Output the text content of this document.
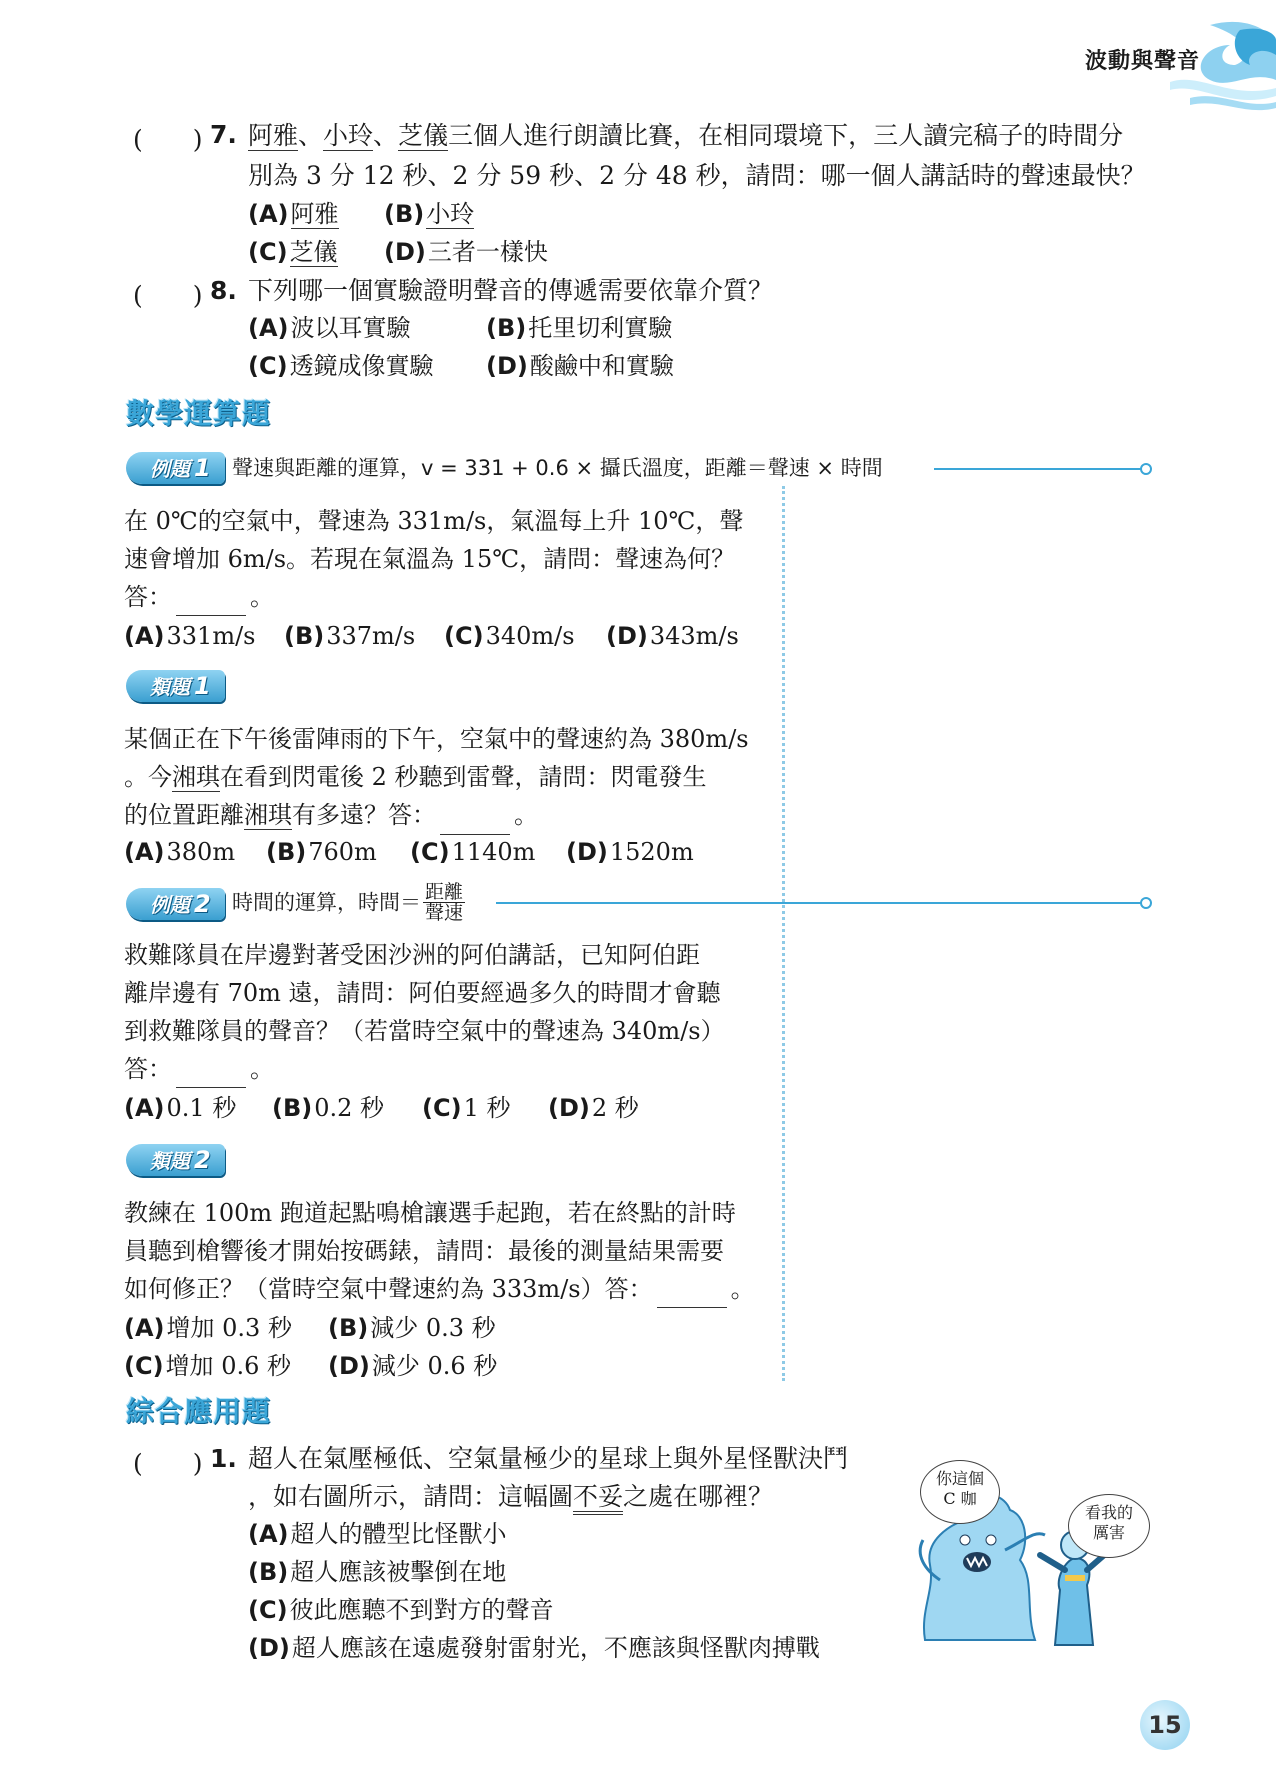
波動與聲音
(　　) 7. 阿雅、小玲、芝儀三個人進行朗讀比賽，在相同環境下，三人讀完稿子的時間分
別為 3 分 12 秒、2 分 59 秒、2 分 48 秒，請問：哪一個人講話時的聲速最快？
(A)阿雅 (B)小玲
(C)芝儀 (D)三者一樣快
(　　) 8. 下列哪一個實驗證明聲音的傳遞需要依靠介質？
(A)波以耳實驗	(B)托里切利實驗
(C)透鏡成像實驗 (D)酸鹼中和實驗
數學運算題
例題 1	聲速與距離的運算，v = 331 + 0.6 × 攝氏溫度，距離＝聲速 × 時間
在 0℃的空氣中，聲速為 331m/s，氣溫每上升 10℃，聲
速會增加 6m/s。若現在氣溫為 15℃，請問：聲速為何？
答：	。
(A)331m/s (B)337m/s (C)340m/s (D)343m/s
類題 1
某個正在下午後雷陣雨的下午，空氣中的聲速約為 380m/s
。今湘琪在看到閃電後 2 秒聽到雷聲，請問：閃電發生
的位置距離湘琪有多遠？答：	。
(A)380m (B)760m (C)1140m (D)1520m
例題 2	時間的運算，時間＝ $\frac{\text{距離}}{\text{聲速}}$
救難隊員在岸邊對著受困沙洲的阿伯講話，已知阿伯距
離岸邊有 70m 遠，請問：阿伯要經過多久的時間才會聽
到救難隊員的聲音？（若當時空氣中的聲速為 340m/s）
答：	。
(A)0.1 秒 (B)0.2 秒 (C)1 秒 (D)2 秒
類題 2
教練在 100m 跑道起點鳴槍讓選手起跑，若在終點的計時
員聽到槍響後才開始按碼錶，請問：最後的測量結果需要
如何修正？（當時空氣中聲速約為 333m/s）答：	。
(A)增加 0.3 秒 (B)減少 0.3 秒
(C)增加 0.6 秒 (D)減少 0.6 秒
綜合應用題
(　　) 1. 超人在氣壓極低、空氣量極少的星球上與外星怪獸決鬥
，如右圖所示，請問：這幅圖不妥之處在哪裡？
(A)超人的體型比怪獸小
(B)超人應該被擊倒在地
(C)彼此應聽不到對方的聲音
(D)超人應該在遠處發射雷射光，不應該與怪獸肉搏戰
你這個
C 咖
看我的
厲害
15
